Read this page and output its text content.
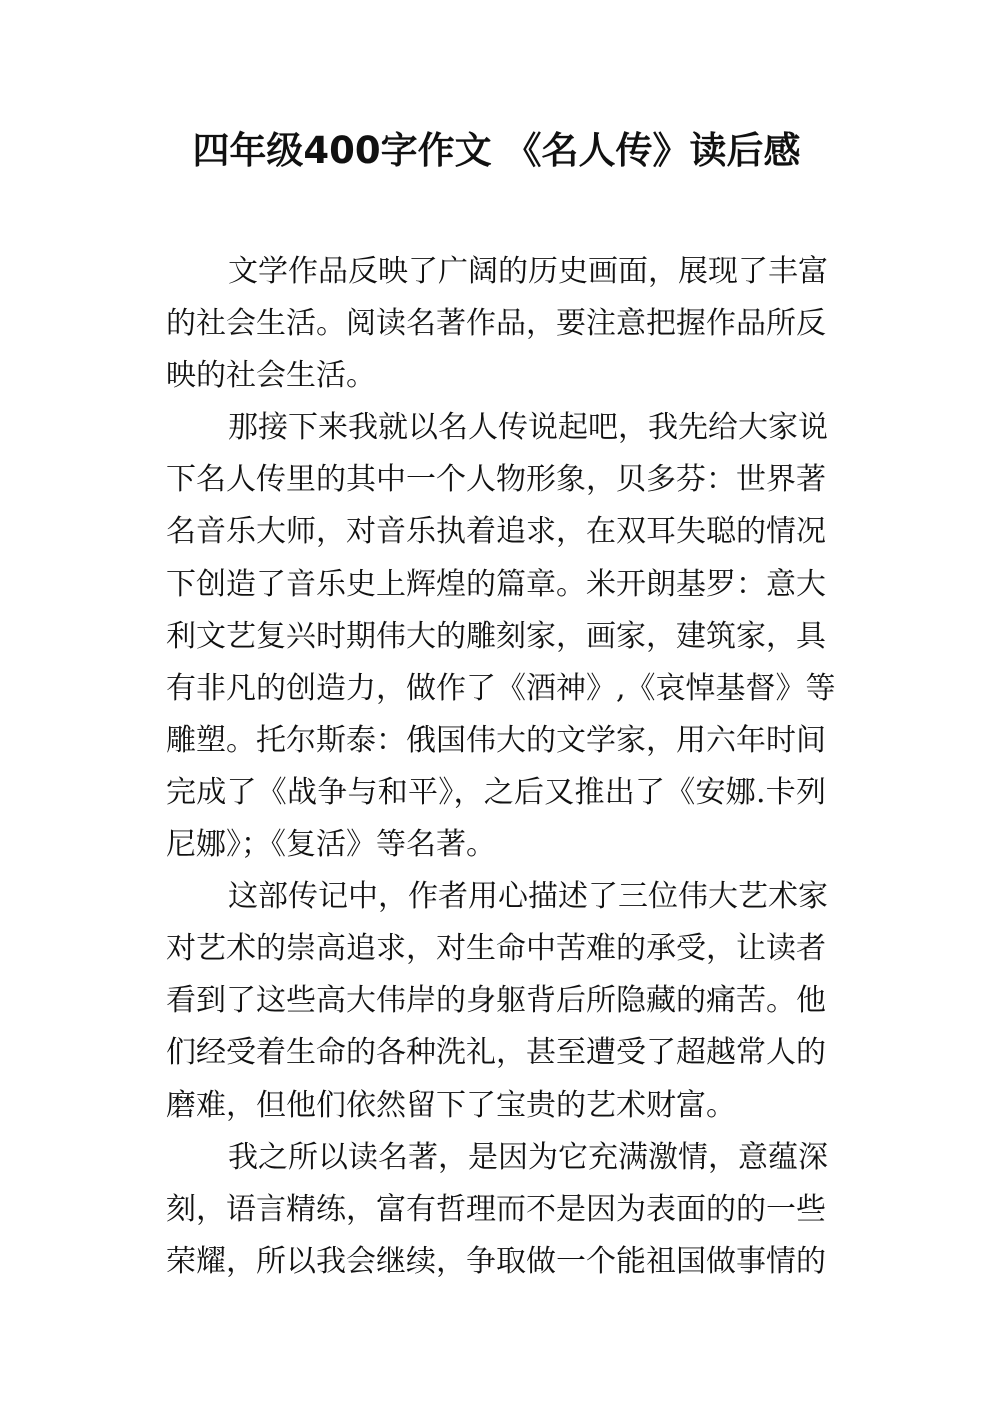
四年级400字作文 《名人传》读后感
文学作品反映了广阔的历史画面，展现了丰富
的社会生活。阅读名著作品，要注意把握作品所反
映的社会生活。
那接下来我就以名人传说起吧，我先给大家说
下名人传里的其中一个人物形象，贝多芬：世界著
名音乐大师，对音乐执着追求，在双耳失聪的情况
下创造了音乐史上辉煌的篇章。米开朗基罗：意大
利文艺复兴时期伟大的雕刻家，画家，建筑家，具
有非凡的创造力，做作了《酒神》,《哀悼基督》等
雕塑。托尔斯泰：俄国伟大的文学家，用六年时间
完成了《战争与和平》，之后又推出了《安娜.卡列
尼娜》；《复活》等名著。
这部传记中，作者用心描述了三位伟大艺术家
对艺术的崇高追求，对生命中苦难的承受，让读者
看到了这些高大伟岸的身躯背后所隐藏的痛苦。他
们经受着生命的各种洗礼，甚至遭受了超越常人的
磨难，但他们依然留下了宝贵的艺术财富。
我之所以读名著，是因为它充满激情，意蕴深
刻，语言精练，富有哲理而不是因为表面的的一些
荣耀，所以我会继续，争取做一个能祖国做事情的
